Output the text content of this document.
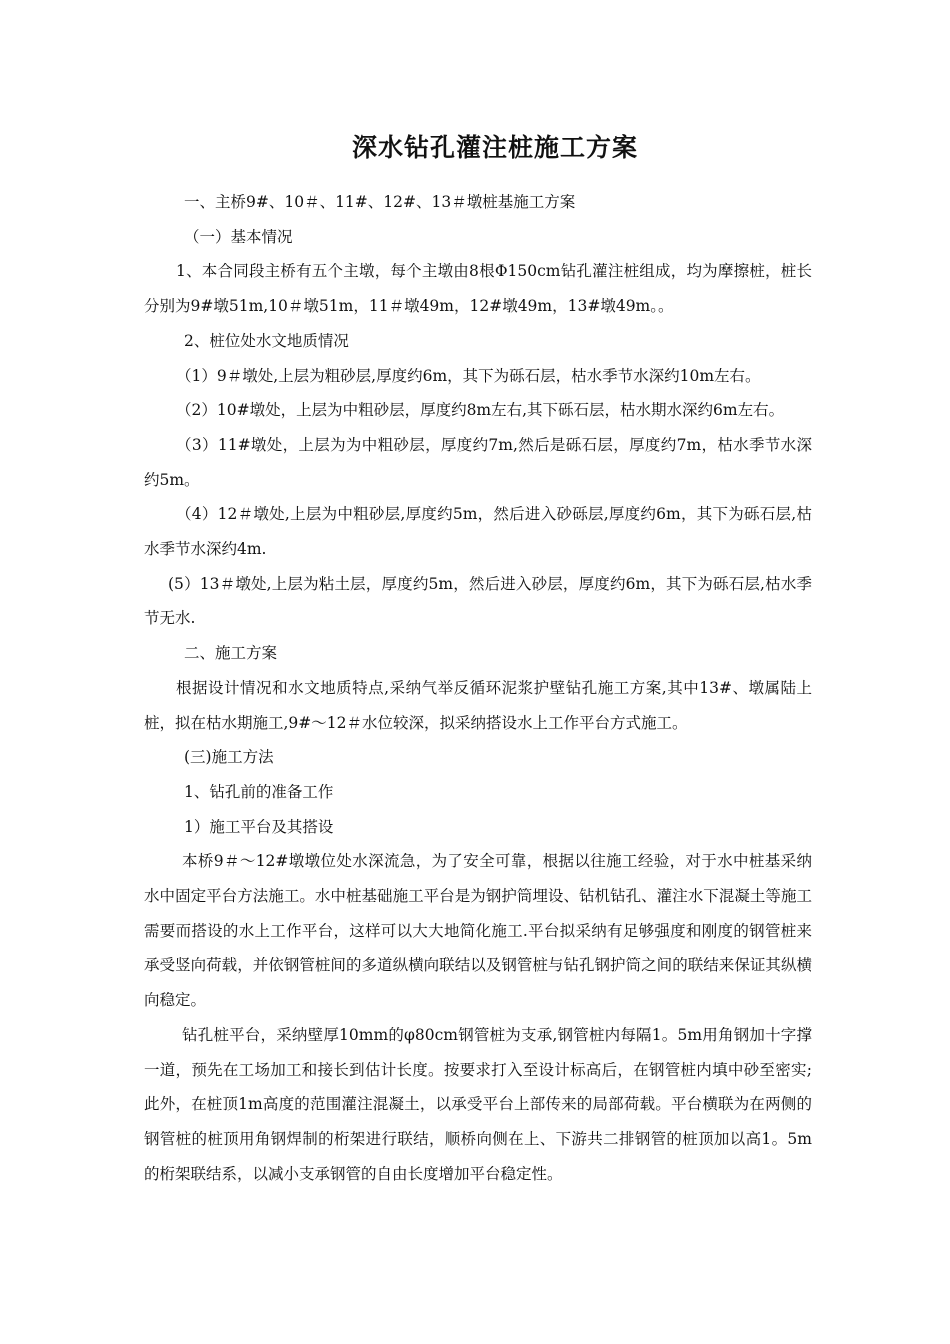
深水钻孔灌注桩施工方案

一、主桥9#、10＃、11#、12#、13＃墩桩基施工方案

（一）基本情况

1、本合同段主桥有五个主墩，每个主墩由8根Φ150cm钻孔灌注桩组成，均为摩擦桩，桩长分别为9#墩51m,10＃墩51m，11＃墩49m，12#墩49m，13#墩49m。。

2、桩位处水文地质情况

（1）9＃墩处,上层为粗砂层,厚度约6m，其下为砾石层，枯水季节水深约10m左右。

（2）10#墩处，上层为中粗砂层，厚度约8m左右,其下砾石层，枯水期水深约6m左右。

（3）11#墩处，上层为为中粗砂层，厚度约7m,然后是砾石层，厚度约7m，枯水季节水深约5m。

（4）12＃墩处,上层为中粗砂层,厚度约5m，然后进入砂砾层,厚度约6m，其下为砾石层,枯水季节水深约4m.

(5）13＃墩处,上层为粘土层，厚度约5m，然后进入砂层，厚度约6m，其下为砾石层,枯水季节无水.

二、施工方案

根据设计情况和水文地质特点,采纳气举反循环泥浆护壁钻孔施工方案,其中13#、墩属陆上桩，拟在枯水期施工,9#～12＃水位较深，拟采纳搭设水上工作平台方式施工。

(三)施工方法

1、钻孔前的准备工作

1）施工平台及其搭设

本桥9＃～12#墩墩位处水深流急，为了安全可靠，根据以往施工经验，对于水中桩基采纳水中固定平台方法施工。水中桩基础施工平台是为钢护筒埋设、钻机钻孔、灌注水下混凝土等施工需要而搭设的水上工作平台，这样可以大大地简化施工.平台拟采纳有足够强度和刚度的钢管桩来承受竖向荷载，并依钢管桩间的多道纵横向联结以及钢管桩与钻孔钢护筒之间的联结来保证其纵横向稳定。

钻孔桩平台，采纳壁厚10mm的φ80cm钢管桩为支承,钢管桩内每隔1。5m用角钢加十字撑一道，预先在工场加工和接长到估计长度。按要求打入至设计标高后，在钢管桩内填中砂至密实;此外，在桩顶1m高度的范围灌注混凝土，以承受平台上部传来的局部荷载。平台横联为在两侧的钢管桩的桩顶用角钢焊制的桁架进行联结，顺桥向侧在上、下游共二排钢管的桩顶加以高1。5m的桁架联结系，以减小支承钢管的自由长度增加平台稳定性。
